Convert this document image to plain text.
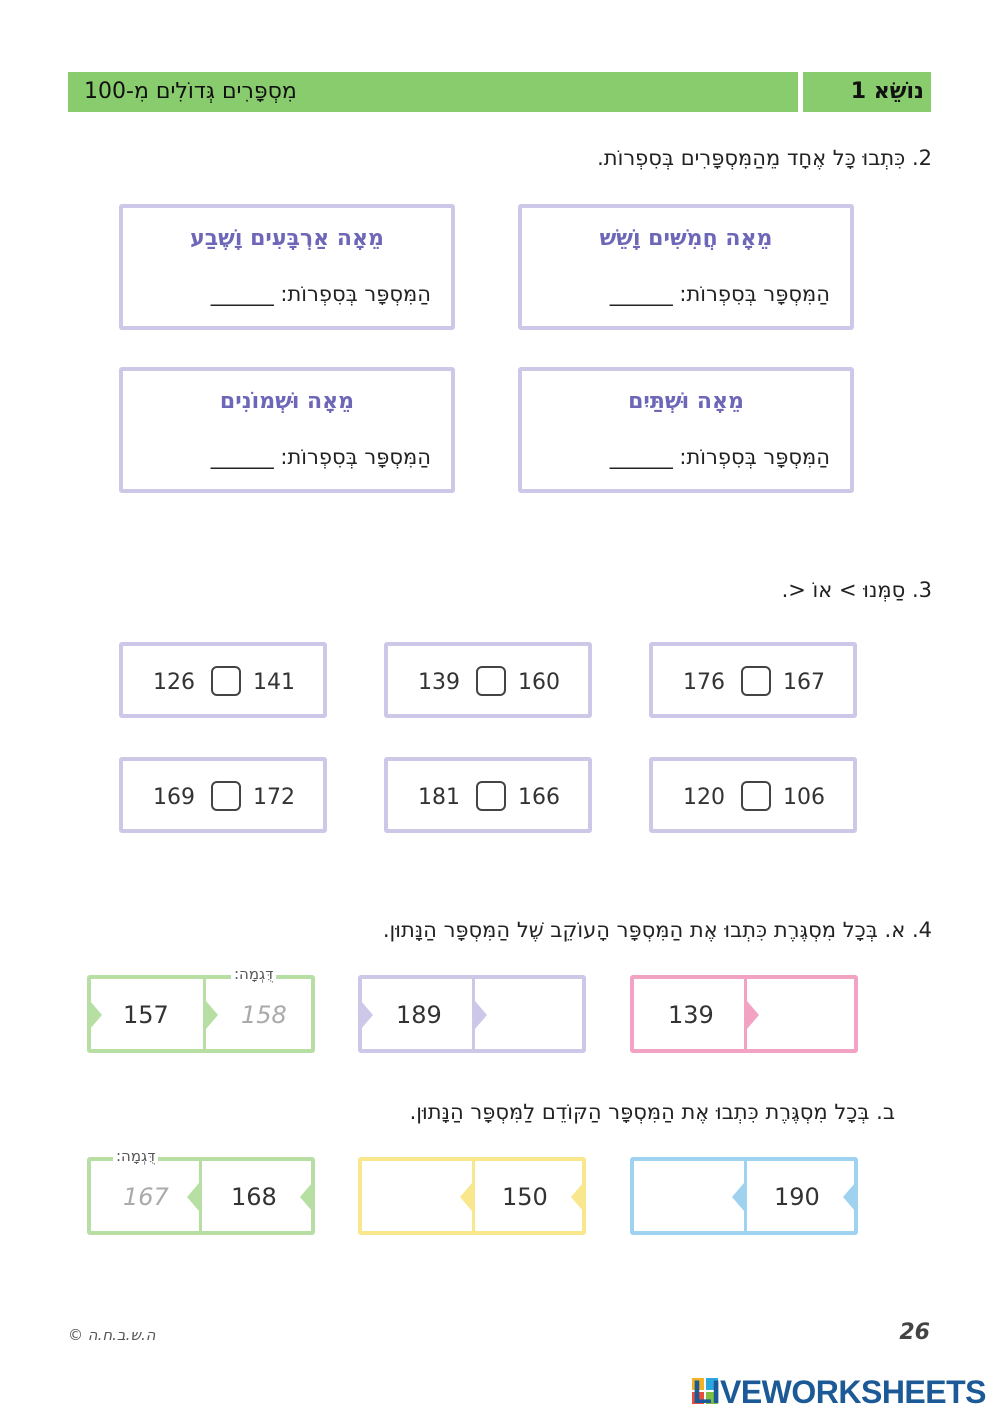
מִסְפָּרִים גְּדוֹלִים מִ-100	נוֹשֵׂא 1
2. כִּתְבוּ כָּל אֶחָד מֵהַמִּסְפָּרִים בְּסִפְרוֹת.
מֵאָה חֲמִשִּׁים וָשֵׁשׁ
הַמִּסְפָּר בְּסִפְרוֹת: ______
מֵאָה אַרְבָּעִים וָשֶׁבַע
הַמִּסְפָּר בְּסִפְרוֹת: ______
מֵאָה וּשְׁתַּיִם
הַמִּסְפָּר בְּסִפְרוֹת: ______
מֵאָה וּשְׁמוֹנִים
הַמִּסְפָּר בְּסִפְרוֹת: ______
3. סַמְּנוּ > אוֹ <.
176	167
139	160
126	141
120	106
181	166
169	172
4. א. בְּכָל מִסְגֶּרֶת כִּתְבוּ אֶת הַמִּסְפָּר הָעוֹקֵב שֶׁל הַמִּסְפָּר הַנָּתוּן.
139
189
157	158
דֻּגְמָה:
ב. בְּכָל מִסְגֶּרֶת כִּתְבוּ אֶת הַמִּסְפָּר הַקּוֹדֵם לַמִּסְפָּר הַנָּתוּן.
190
150
167	168
דֻּגְמָה:
© ה.ש.ב.ח.ה	26
LIVEWORKSHEETS
